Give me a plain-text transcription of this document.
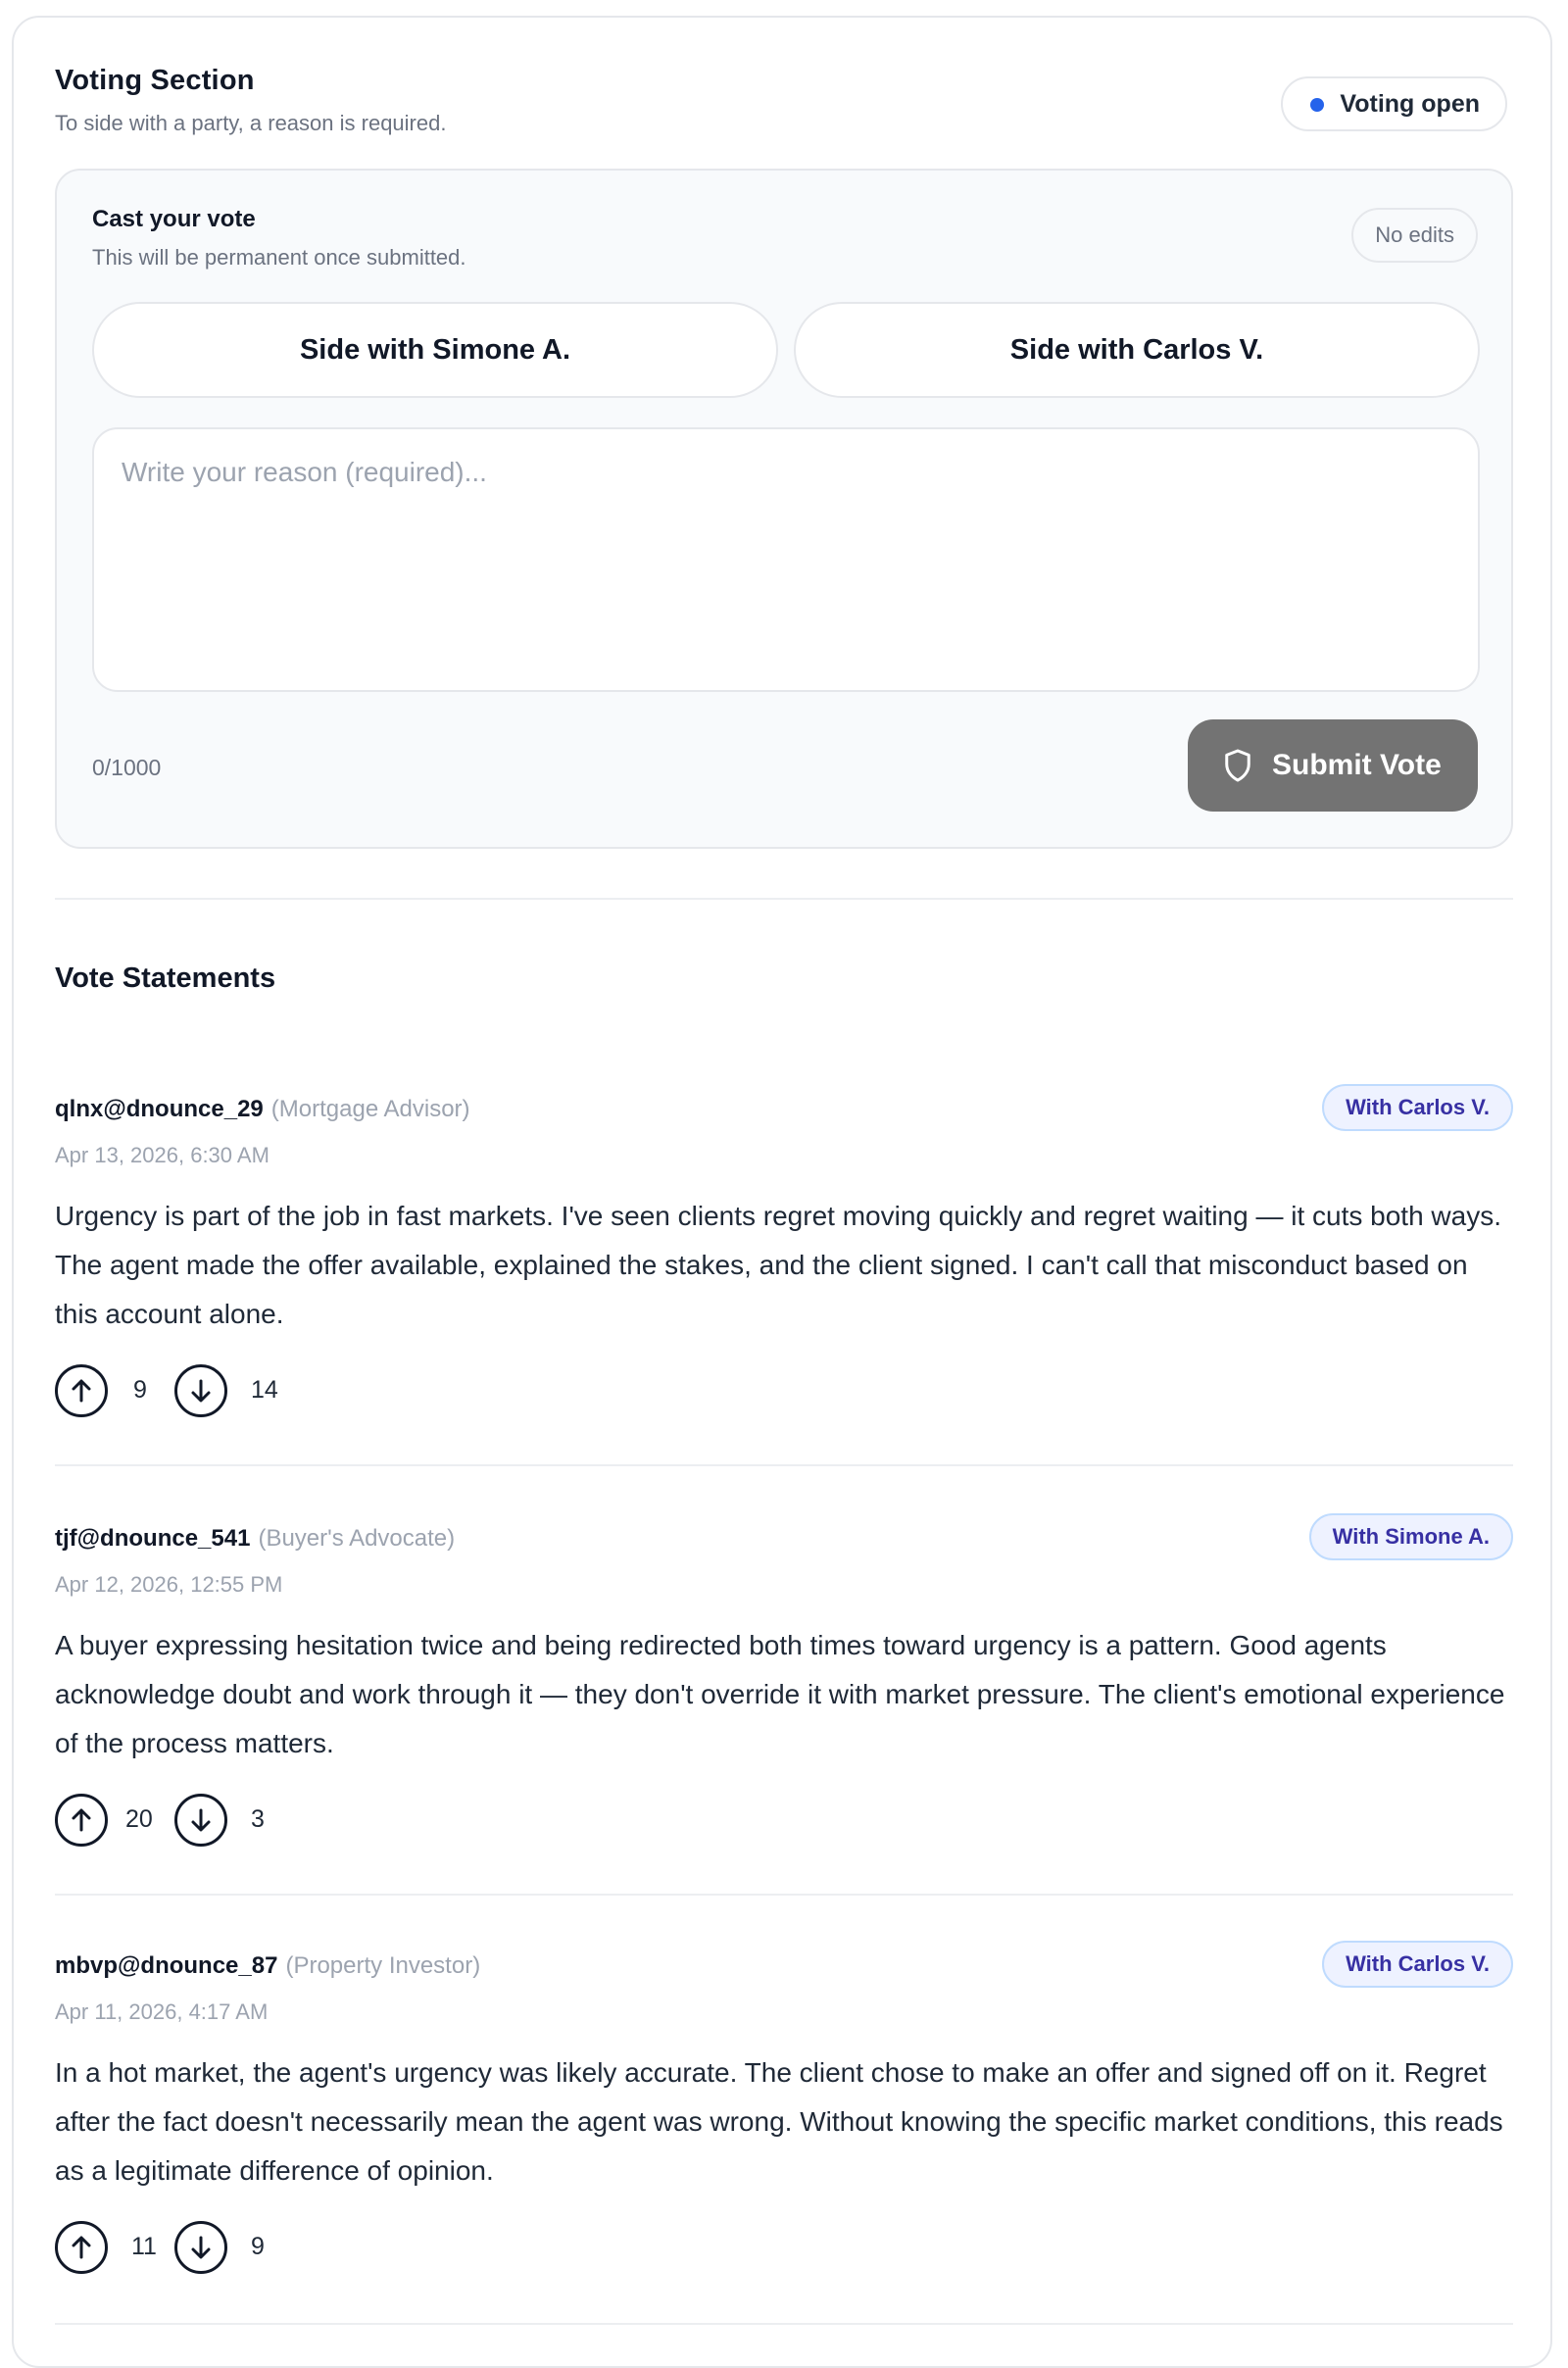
Voting Section
To side with a party, a reason is required.
Voting open
Cast your vote
This will be permanent once submitted.
No edits
Side with Simone A.	Side with Carlos V.
Write your reason (required)...
0/1000	Submit Vote
Vote Statements
qlnx@dnounce_29 (Mortgage Advisor)	With Carlos V.
Apr 13, 2026, 6:30 AM
Urgency is part of the job in fast markets. I've seen clients regret moving quickly and regret waiting — it cuts both ways. The agent made the offer available, explained the stakes, and the client signed. I can't call that misconduct based on this account alone.
9	14
tjf@dnounce_541 (Buyer's Advocate)	With Simone A.
Apr 12, 2026, 12:55 PM
A buyer expressing hesitation twice and being redirected both times toward urgency is a pattern. Good agents acknowledge doubt and work through it — they don't override it with market pressure. The client's emotional experience of the process matters.
20	3
mbvp@dnounce_87 (Property Investor)	With Carlos V.
Apr 11, 2026, 4:17 AM
In a hot market, the agent's urgency was likely accurate. The client chose to make an offer and signed off on it. Regret after the fact doesn't necessarily mean the agent was wrong. Without knowing the specific market conditions, this reads as a legitimate difference of opinion.
11	9
